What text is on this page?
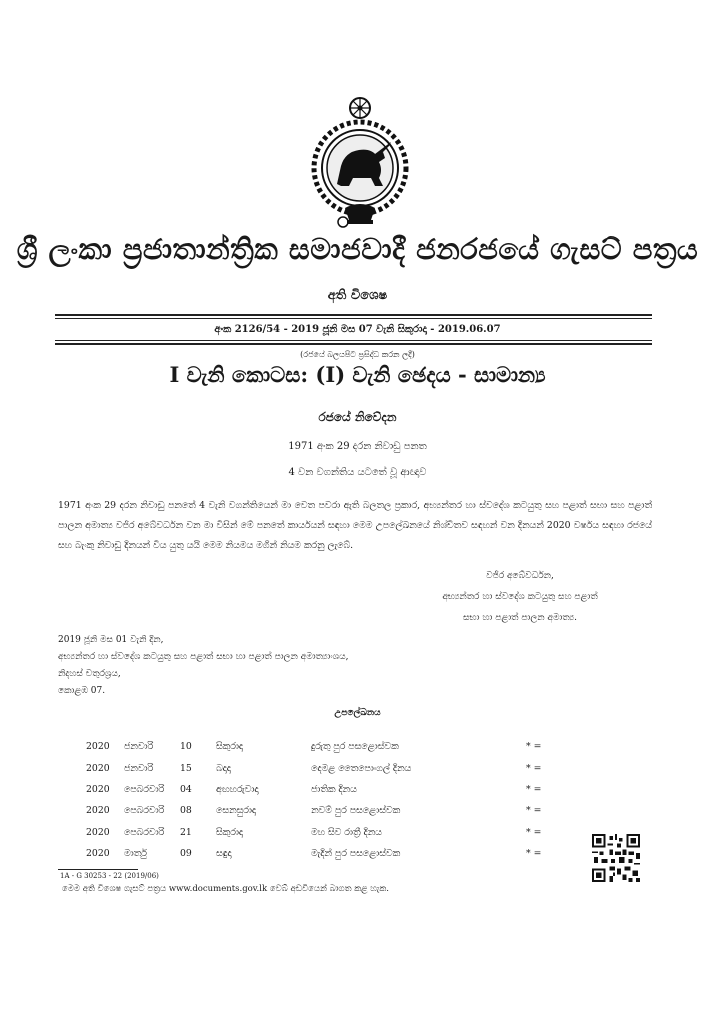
ශ්‍රී ලංකා ප්‍රජාතාන්ත්‍රික සමාජවාදී ජනරජයේ ගැසට් පත්‍රය
අති විශෙෂ
අංක 2126/54 - 2019 ජූනි මස 07 වැනි සිකුරාදා - 2019.06.07
(රජයේ බලයපිට ප්‍රසිද්ධ කරන ලදී)
I වැනි කොටස: (I) වැනි ඡෙදය - සාමාන්‍ය
රජයේ නිවේදන
1971 අංක 29 දරන නිවාඩු පනත
4 වන වගන්තිය යටතේ වූ ආඥාව
1971 අංක 29 දරන නිවාඩු පනතේ 4 වැනි වගන්තියෙන් මා වෙත පවරා ඇති බලතල ප්‍රකාර, අභ්‍යන්තර හා ස්වදේශ කටයුතු සහ පළාත් සභා සහ පළාත් පාලන අමාත්‍ය වජිර අබේවර්ධන වන මා විසින් මේ පනතේ කාර්යයන් සඳහා මෙම උපලේඛනයේ නිශ්චිතව සඳහන් වන දිනයන් 2020 වර්ෂය සඳහා රජයේ සහ බැංකු නිවාඩු දිනයන් විය යුතු යයි මෙම නියමය මගින් නියම කරනු ලැබේ.
වජිර අබේවර්ධන,
අභ්‍යන්තර හා ස්වදේශ කටයුතු සහ පළාත්
සභා හා පළාත් පාලන අමාත්‍ය.
2019 ජූනි මස 01 වැනි දින,
අභ්‍යන්තර හා ස්වදේශ කටයුතු සහ පළාත් සභා හා පළාත් පාලන අමාත්‍යාංශය,
නිදහස් චතුරශ්‍රය,
කොළඹ 07.
උපලේඛනය
2020	ජනවාරි	10	සිකුරාදා	දුරුතු පුර පසළොස්වක	* =
2020	ජනවාරි	15	බදාදා	දෙමළ තෛපොංගල් දිනය	* =
2020	පෙබරවාරි	04	අඟහරුවාදා	ජාතික දිනය	* =
2020	පෙබරවාරි	08	සෙනසුරාදා	නවම් පුර පසළොස්වක	* =
2020	පෙබරවාරි	21	සිකුරාදා	මහ සිව රාත්‍රී දිනය	* =
2020	මාර්තු	09	සඳුදා	මැදින් පුර පසළොස්වක	* =
1A - G 30253 - 22 (2019/06)
මෙම අති විශෙෂ ගැසට් පත්‍රය www.documents.gov.lk වෙබ් අඩවියෙන් බාගත කළ හැක.
